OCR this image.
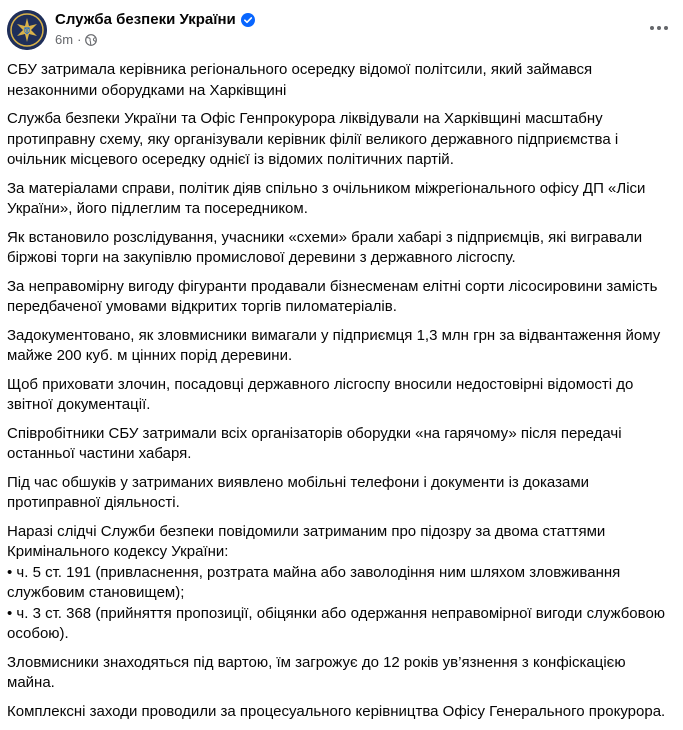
Служба безпеки України
6m ·

СБУ затримала керівника регіонального осередку відомої політсили, який займався незаконними оборудками на Харківщині

Служба безпеки України та Офіс Генпрокурора ліквідували на Харківщині масштабну протиправну схему, яку організували керівник філії великого державного підприємства і очільник місцевого осередку однієї із відомих політичних партій.

За матеріалами справи, політик діяв спільно з очільником міжрегіонального офісу ДП «Ліси України», його підлеглим та посередником.

Як встановило розслідування, учасники «схеми» брали хабарі з підприємців, які вигравали біржові торги на закупівлю промислової деревини з державного лісгоспу.

За неправомірну вигоду фігуранти продавали бізнесменам елітні сорти лісосировини замість передбаченої умовами відкритих торгів пиломатеріалів.

Задокументовано, як зловмисники вимагали у підприємця 1,3 млн грн за відвантаження йому майже 200 куб. м цінних порід деревини.

Щоб приховати злочин, посадовці державного лісгоспу вносили недостовірні відомості до звітної документації.

Співробітники СБУ затримали всіх організаторів оборудки «на гарячому» після передачі останньої частини хабаря.

Під час обшуків у затриманих виявлено мобільні телефони і документи із доказами протиправної діяльності.

Наразі слідчі Служби безпеки повідомили затриманим про підозру за двома статтями Кримінального кодексу України:

• ч. 5 ст. 191 (привласнення, розтрата майна або заволодіння ним шляхом зловживання службовим становищем);
• ч. 3 ст. 368 (прийняття пропозиції, обіцянки або одержання неправомірної вигоди службовою особою).

Зловмисники знаходяться під вартою, їм загрожує до 12 років ув’язнення з конфіскацією майна.

Комплексні заходи проводили за процесуального керівництва Офісу Генерального прокурора.
